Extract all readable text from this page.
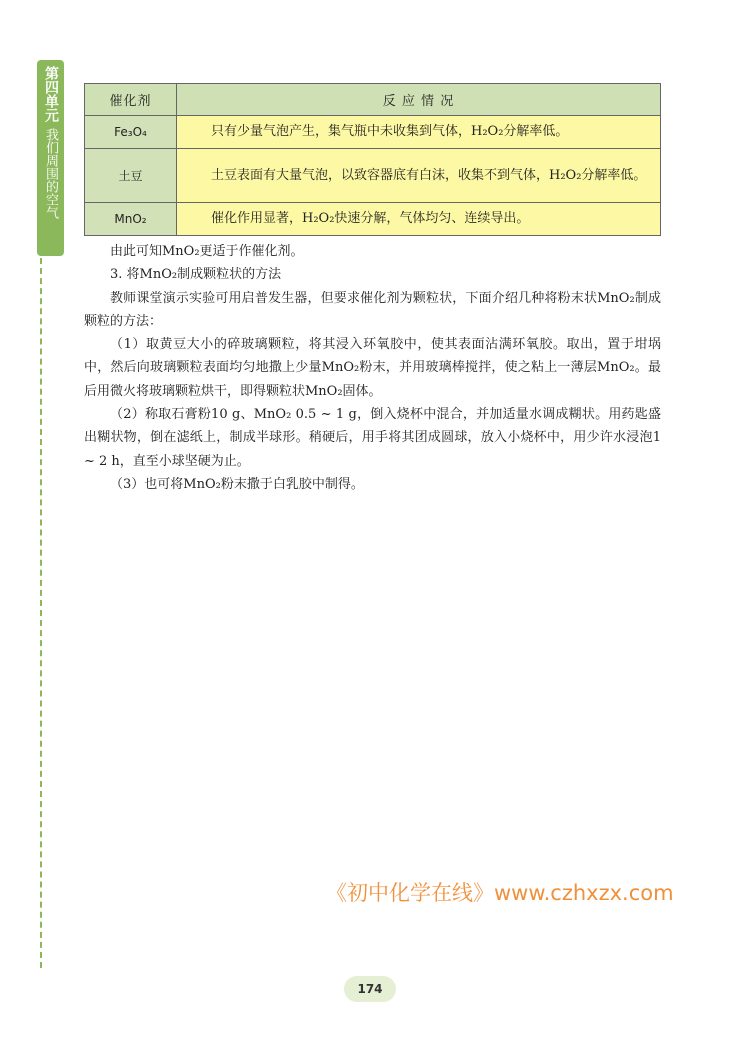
第四单元
我们周围的空气
催化剂	反 应 情 况
Fe₃O₄	只有少量气泡产生，集气瓶中未收集到气体，H₂O₂分解率低。
土豆	土豆表面有大量气泡，以致容器底有白沫，收集不到气体，H₂O₂分解率低。
MnO₂	催化作用显著，H₂O₂快速分解，气体均匀、连续导出。

由此可知MnO₂更适于作催化剂。

3. 将MnO₂制成颗粒状的方法

教师课堂演示实验可用启普发生器，但要求催化剂为颗粒状，下面介绍几种将粉末状MnO₂制成颗粒的方法：

（1）取黄豆大小的碎玻璃颗粒，将其浸入环氧胶中，使其表面沾满环氧胶。取出，置于坩埚中，然后向玻璃颗粒表面均匀地撒上少量MnO₂粉末，并用玻璃棒搅拌，使之粘上一薄层MnO₂。最后用微火将玻璃颗粒烘干，即得颗粒状MnO₂固体。

（2）称取石膏粉10 g、MnO₂ 0.5 ~ 1 g，倒入烧杯中混合，并加适量水调成糊状。用药匙盛出糊状物，倒在滤纸上，制成半球形。稍硬后，用手将其团成圆球，放入小烧杯中，用少许水浸泡1 ~ 2 h，直至小球坚硬为止。

（3）也可将MnO₂粉末撒于白乳胶中制得。

《初中化学在线》www.czhxzx.com
174
